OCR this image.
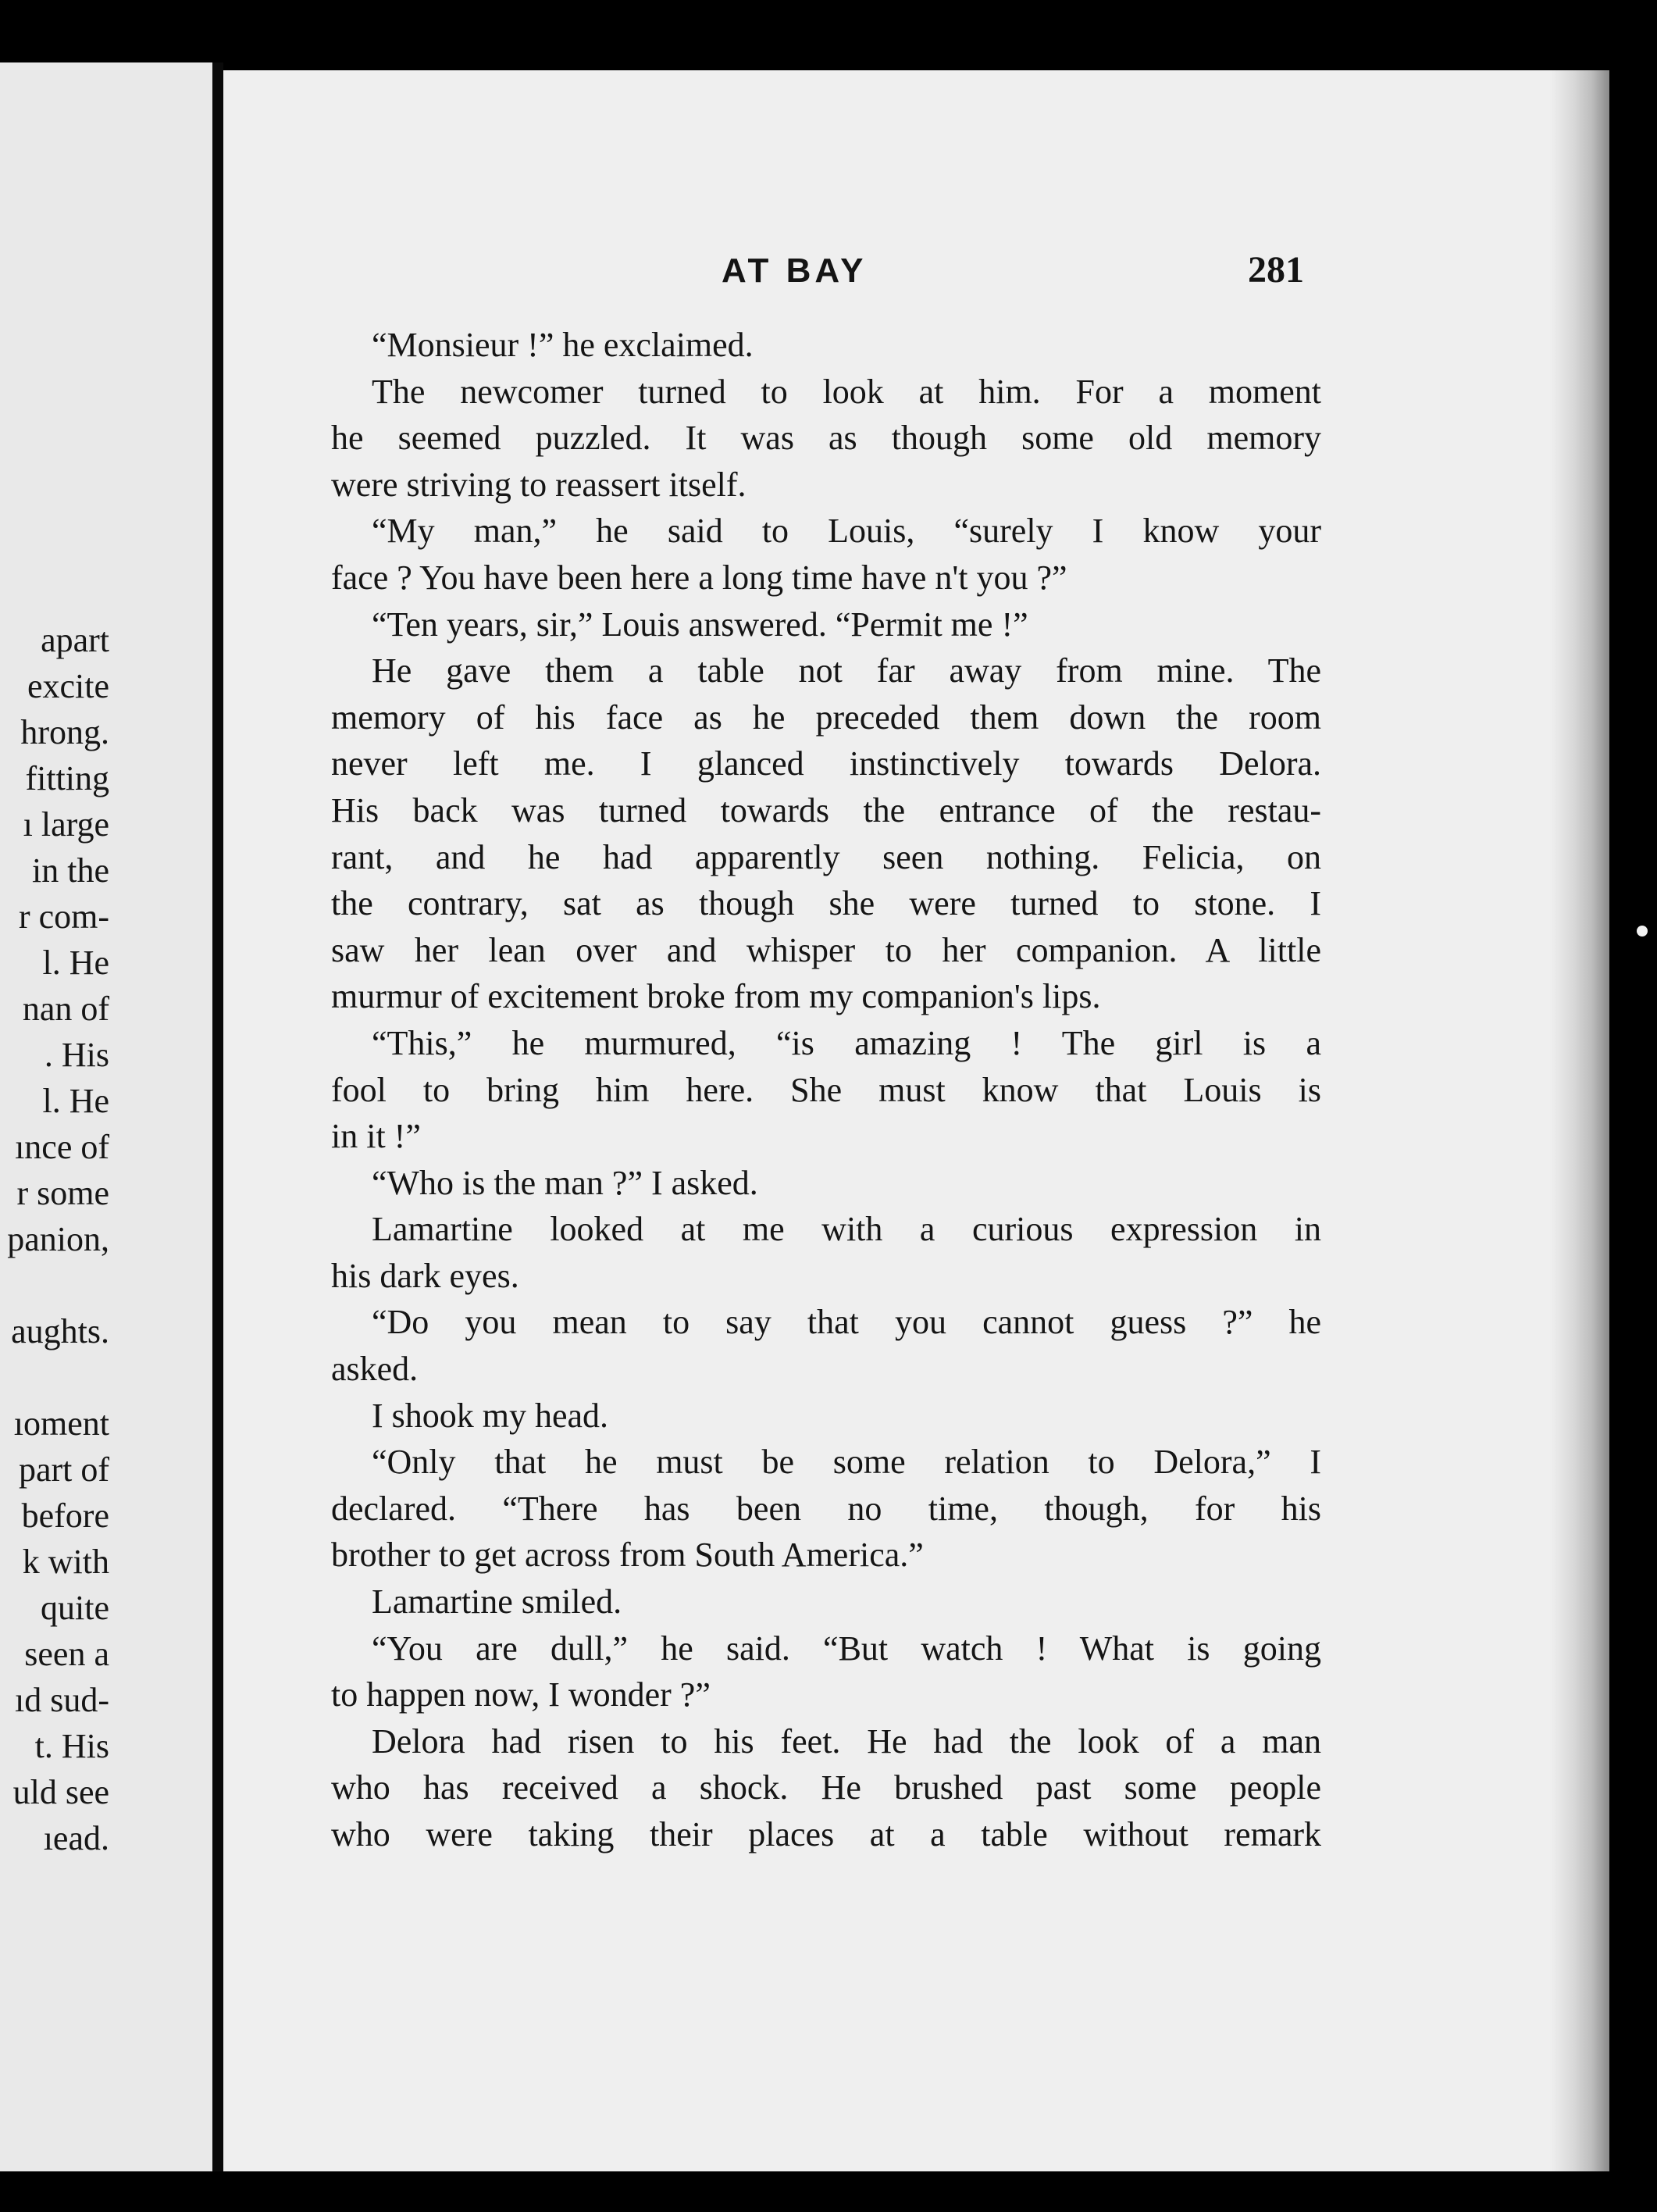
apart
excite
hrong.
fitting
ı large
in the
r com-
l. He
nan of
. His
l. He
ınce of
r some
panion,
aughts.
ıoment
part of
before
k with
quite
seen a
ıd sud-
t. His
uld see
ıead.
AT BAY	281
“Monsieur !” he exclaimed.
The newcomer turned to look at him. For a moment
he seemed puzzled. It was as though some old memory
were striving to reassert itself.
“My man,” he said to Louis, “surely I know your
face ? You have been here a long time have n't you ?”
“Ten years, sir,” Louis answered. “Permit me !”
He gave them a table not far away from mine. The
memory of his face as he preceded them down the room
never left me. I glanced instinctively towards Delora.
His back was turned towards the entrance of the restau-
rant, and he had apparently seen nothing. Felicia, on
the contrary, sat as though she were turned to stone. I
saw her lean over and whisper to her companion. A little
murmur of excitement broke from my companion's lips.
“This,” he murmured, “is amazing ! The girl is a
fool to bring him here. She must know that Louis is
in it !”
“Who is the man ?” I asked.
Lamartine looked at me with a curious expression in
his dark eyes.
“Do you mean to say that you cannot guess ?” he
asked.
I shook my head.
“Only that he must be some relation to Delora,” I
declared. “There has been no time, though, for his
brother to get across from South America.”
Lamartine smiled.
“You are dull,” he said. “But watch ! What is going
to happen now, I wonder ?”
Delora had risen to his feet. He had the look of a man
who has received a shock. He brushed past some people
who were taking their places at a table without remark
